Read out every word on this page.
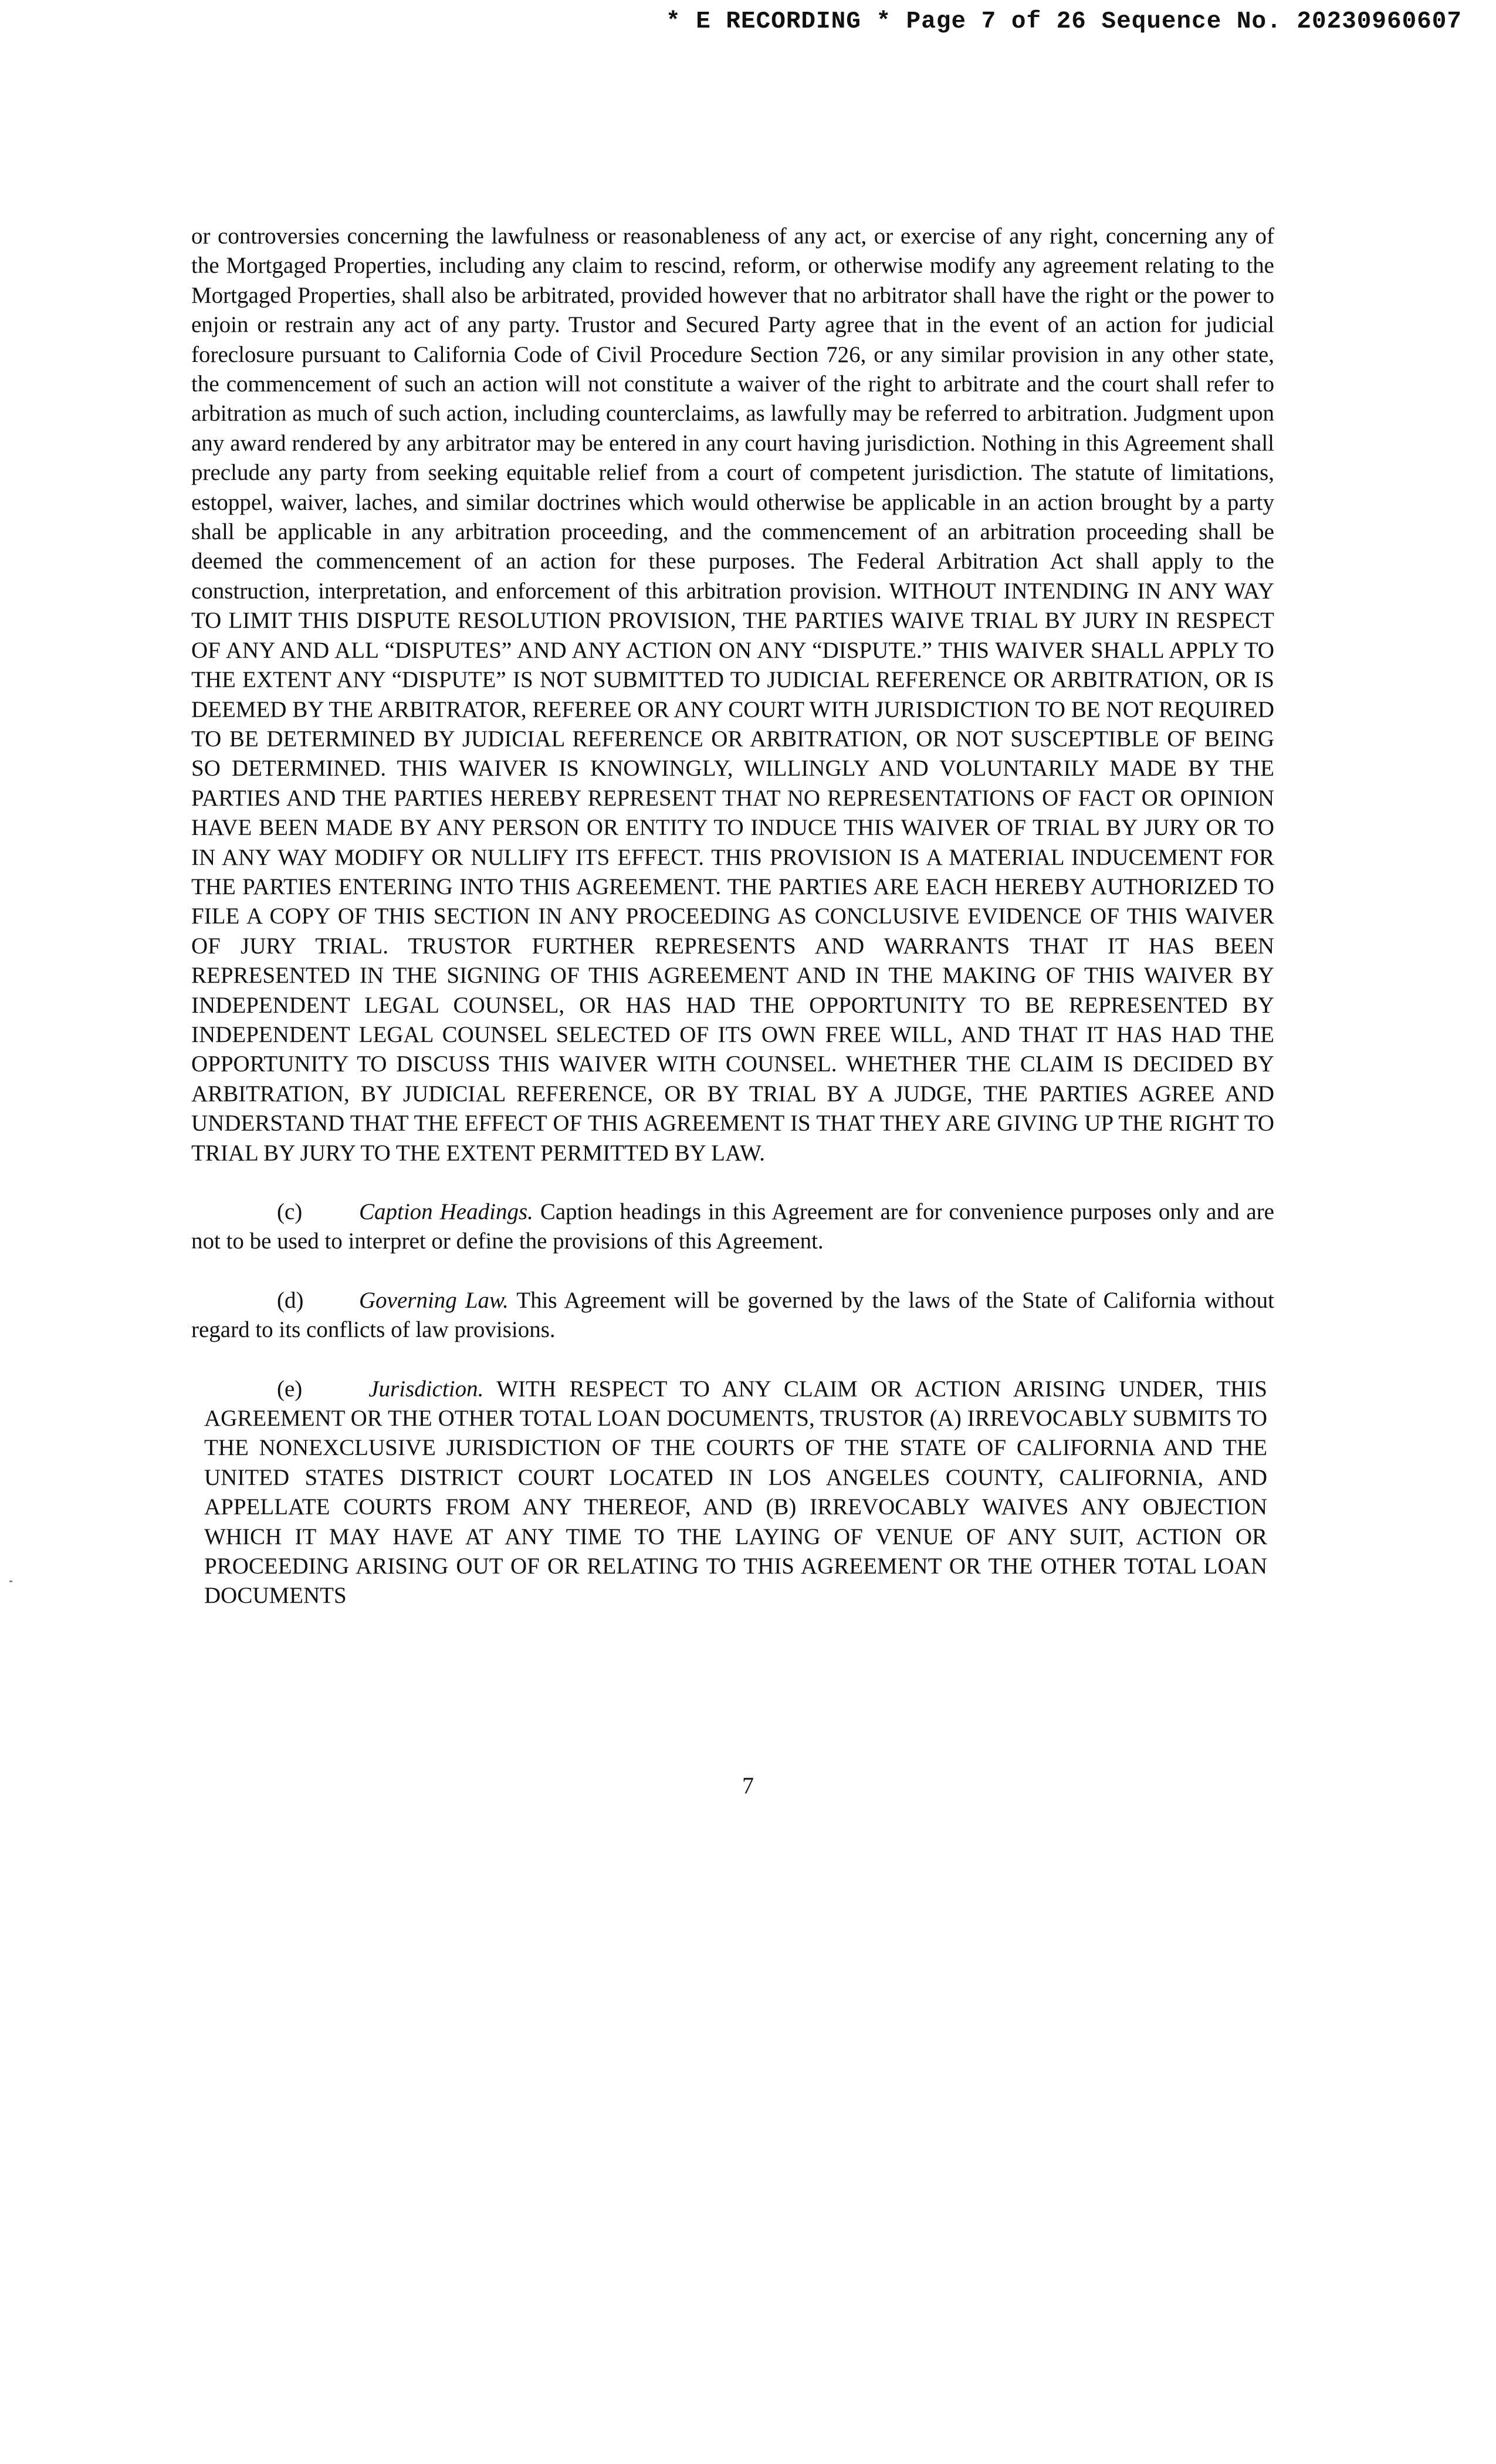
* E RECORDING * Page 7 of 26 Sequence No. 20230960607

or controversies concerning the lawfulness or reasonableness of any act, or exercise of any right, concerning any of the Mortgaged Properties, including any claim to rescind, reform, or otherwise modify any agreement relating to the Mortgaged Properties, shall also be arbitrated, provided however that no arbitrator shall have the right or the power to enjoin or restrain any act of any party. Trustor and Secured Party agree that in the event of an action for judicial foreclosure pursuant to California Code of Civil Procedure Section 726, or any similar provision in any other state, the commencement of such an action will not constitute a waiver of the right to arbitrate and the court shall refer to arbitration as much of such action, including counterclaims, as lawfully may be referred to arbitration. Judgment upon any award rendered by any arbitrator may be entered in any court having jurisdiction. Nothing in this Agreement shall preclude any party from seeking equitable relief from a court of competent jurisdiction. The statute of limitations, estoppel, waiver, laches, and similar doctrines which would otherwise be applicable in an action brought by a party shall be applicable in any arbitration proceeding, and the commencement of an arbitration proceeding shall be deemed the commencement of an action for these purposes. The Federal Arbitration Act shall apply to the construction, interpretation, and enforcement of this arbitration provision. WITHOUT INTENDING IN ANY WAY TO LIMIT THIS DISPUTE RESOLUTION PROVISION, THE PARTIES WAIVE TRIAL BY JURY IN RESPECT OF ANY AND ALL “DISPUTES” AND ANY ACTION ON ANY “DISPUTE.” THIS WAIVER SHALL APPLY TO THE EXTENT ANY “DISPUTE” IS NOT SUBMITTED TO JUDICIAL REFERENCE OR ARBITRATION, OR IS DEEMED BY THE ARBITRATOR, REFEREE OR ANY COURT WITH JURISDICTION TO BE NOT REQUIRED TO BE DETERMINED BY JUDICIAL REFERENCE OR ARBITRATION, OR NOT SUSCEPTIBLE OF BEING SO DETERMINED. THIS WAIVER IS KNOWINGLY, WILLINGLY AND VOLUNTARILY MADE BY THE PARTIES AND THE PARTIES HEREBY REPRESENT THAT NO REPRESENTATIONS OF FACT OR OPINION HAVE BEEN MADE BY ANY PERSON OR ENTITY TO INDUCE THIS WAIVER OF TRIAL BY JURY OR TO IN ANY WAY MODIFY OR NULLIFY ITS EFFECT. THIS PROVISION IS A MATERIAL INDUCEMENT FOR THE PARTIES ENTERING INTO THIS AGREEMENT. THE PARTIES ARE EACH HEREBY AUTHORIZED TO FILE A COPY OF THIS SECTION IN ANY PROCEEDING AS CONCLUSIVE EVIDENCE OF THIS WAIVER OF JURY TRIAL. TRUSTOR FURTHER REPRESENTS AND WARRANTS THAT IT HAS BEEN REPRESENTED IN THE SIGNING OF THIS AGREEMENT AND IN THE MAKING OF THIS WAIVER BY INDEPENDENT LEGAL COUNSEL, OR HAS HAD THE OPPORTUNITY TO BE REPRESENTED BY INDEPENDENT LEGAL COUNSEL SELECTED OF ITS OWN FREE WILL, AND THAT IT HAS HAD THE OPPORTUNITY TO DISCUSS THIS WAIVER WITH COUNSEL. WHETHER THE CLAIM IS DECIDED BY ARBITRATION, BY JUDICIAL REFERENCE, OR BY TRIAL BY A JUDGE, THE PARTIES AGREE AND UNDERSTAND THAT THE EFFECT OF THIS AGREEMENT IS THAT THEY ARE GIVING UP THE RIGHT TO TRIAL BY JURY TO THE EXTENT PERMITTED BY LAW.

(c) Caption Headings. Caption headings in this Agreement are for convenience purposes only and are not to be used to interpret or define the provisions of this Agreement.

(d) Governing Law. This Agreement will be governed by the laws of the State of California without regard to its conflicts of law provisions.

(e)	Jurisdiction. WITH RESPECT TO ANY CLAIM OR ACTION ARISING UNDER, THIS AGREEMENT OR THE OTHER TOTAL LOAN DOCUMENTS, TRUSTOR (A) IRREVOCABLY SUBMITS TO THE NONEXCLUSIVE JURISDICTION OF THE COURTS OF THE STATE OF CALIFORNIA AND THE UNITED STATES DISTRICT COURT LOCATED IN LOS ANGELES COUNTY, CALIFORNIA, AND APPELLATE COURTS FROM ANY THEREOF, AND (B) IRREVOCABLY WAIVES ANY OBJECTION WHICH IT MAY HAVE AT ANY TIME TO THE LAYING OF VENUE OF ANY SUIT, ACTION OR PROCEEDING ARISING OUT OF OR RELATING TO THIS AGREEMENT OR THE OTHER TOTAL LOAN DOCUMENTS

7
